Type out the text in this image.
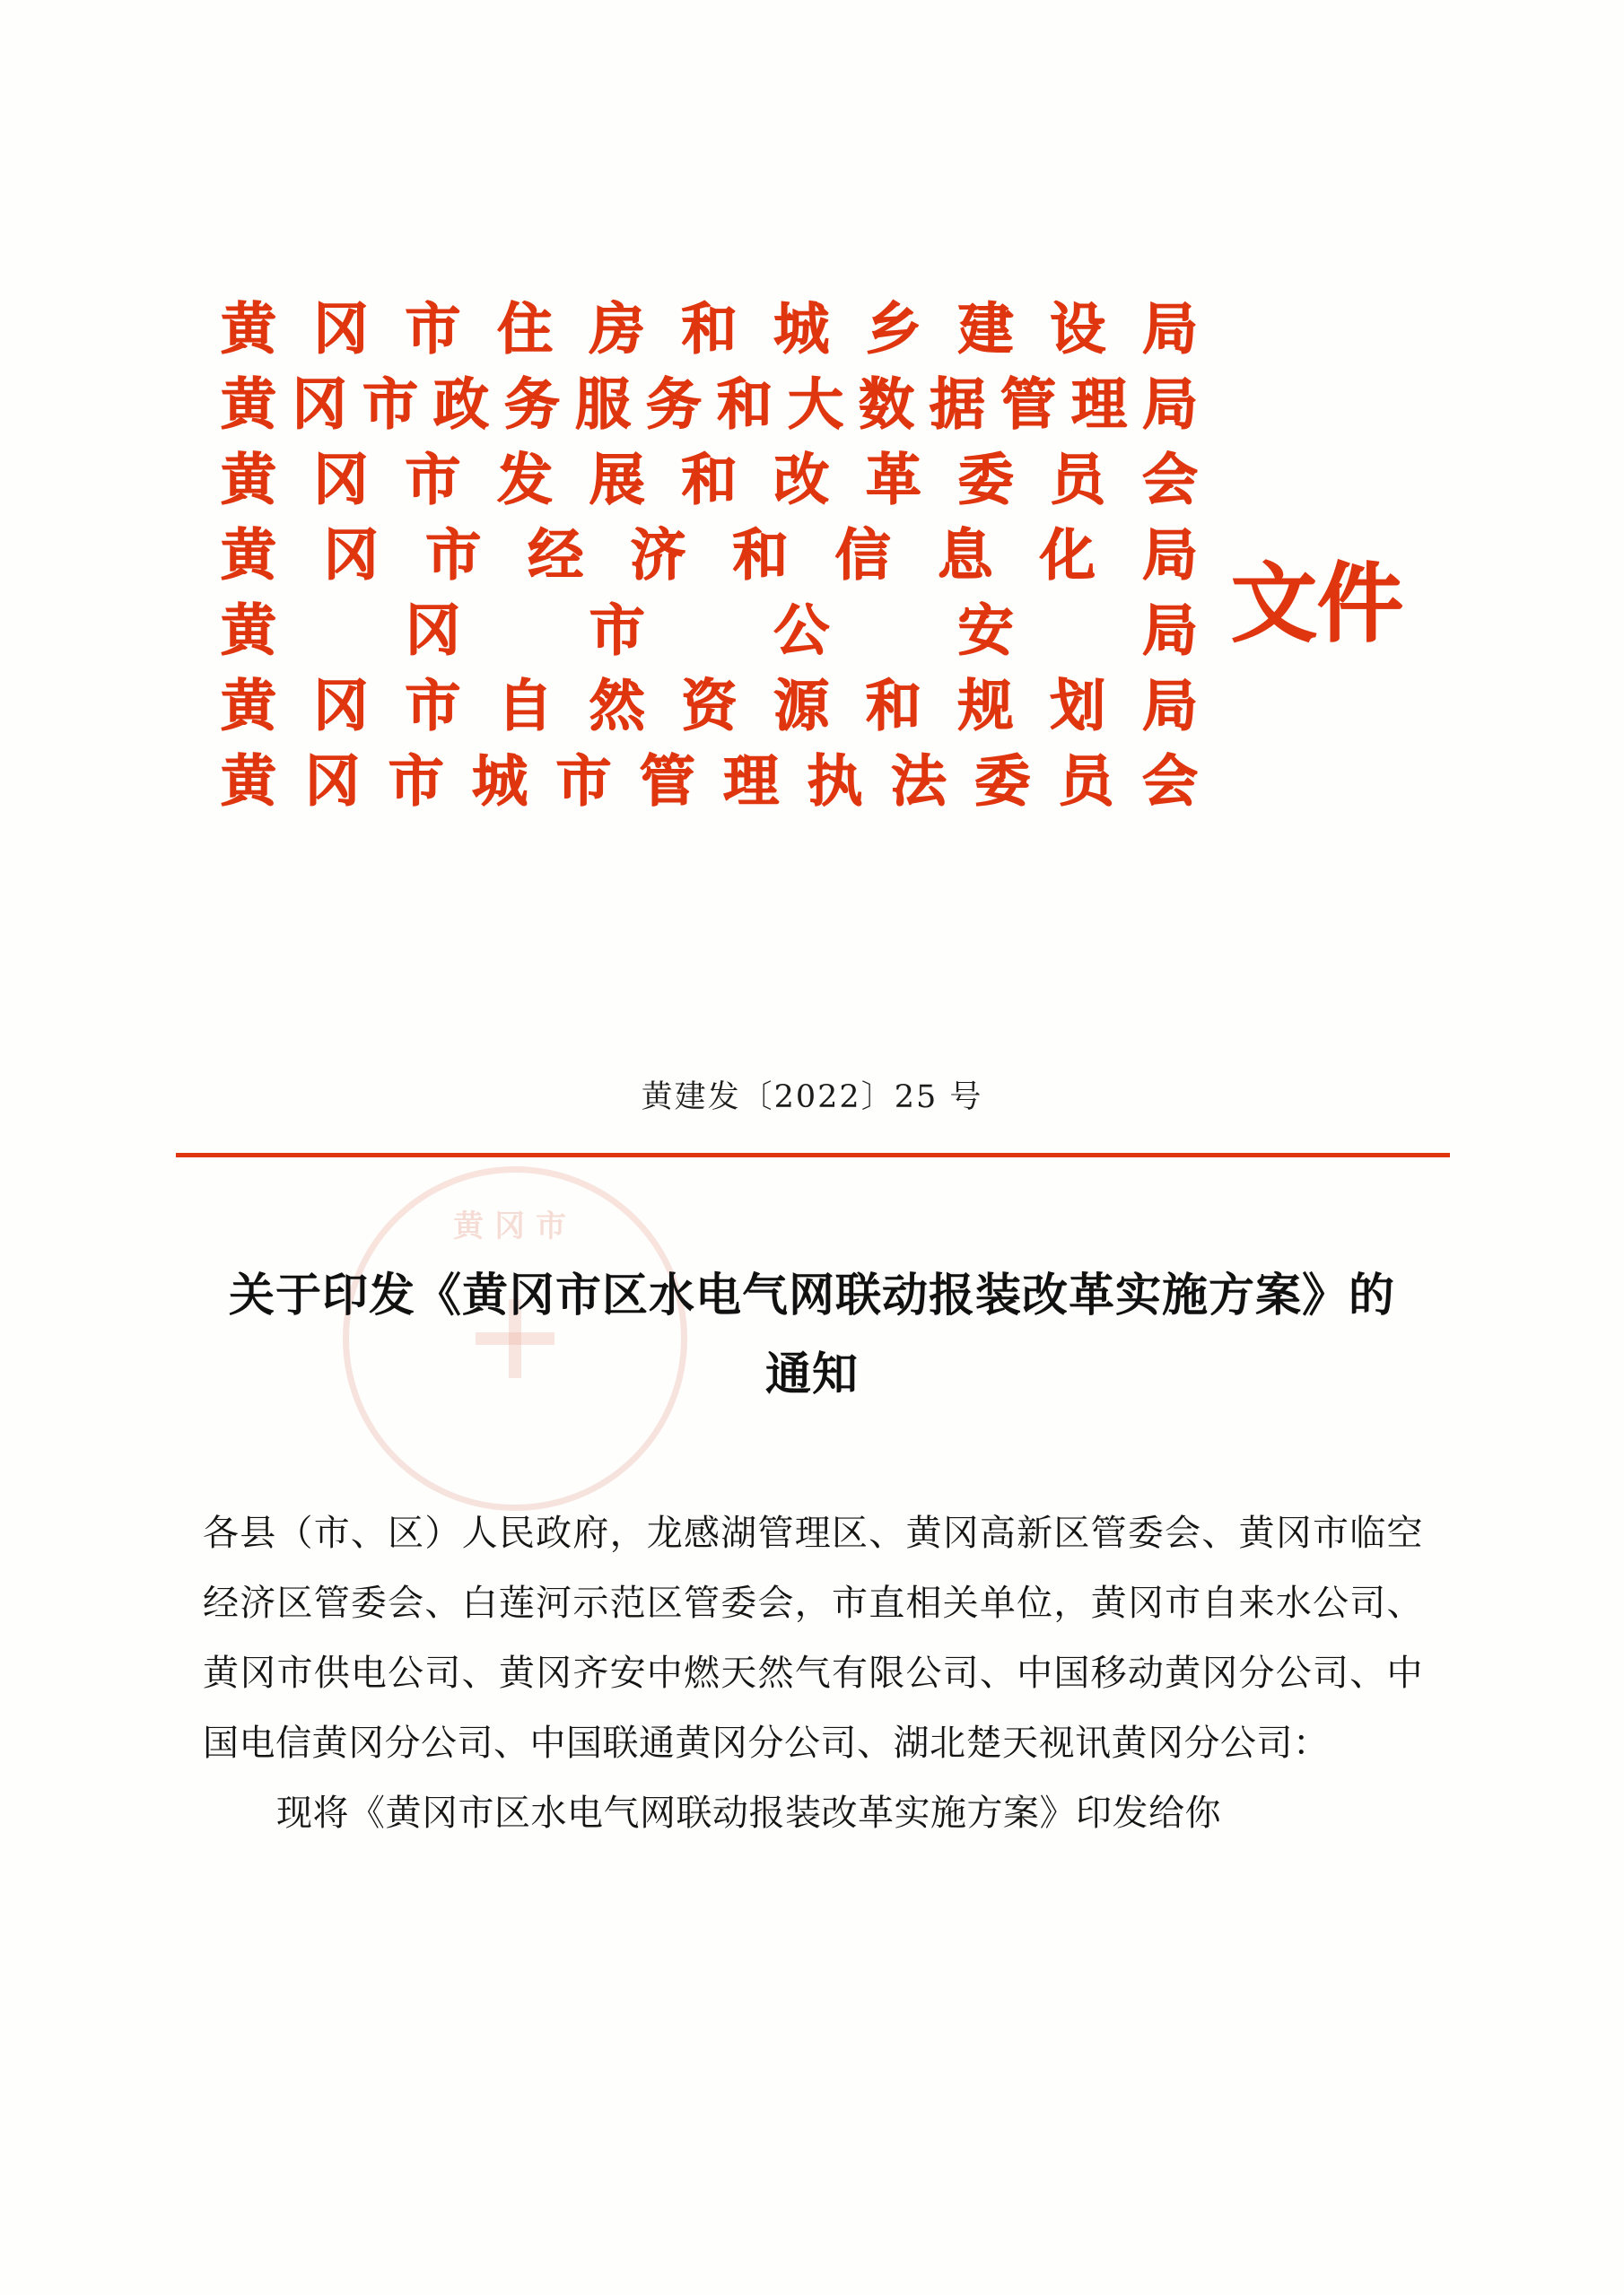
黄冈市住房和城乡建设局
黄冈市政务服务和大数据管理局
黄冈市发展和改革委员会
黄冈市经济和信息化局
黄冈市公安局
黄冈市自然资源和规划局
黄冈市城市管理执法委员会
文件
黄建发〔2022〕25 号
黄冈市
关于印发《黄冈市区水电气网联动报装改革实施方案》的通知

各县（市、区）人民政府，龙感湖管理区、黄冈高新区管委会、黄冈市临空经济区管委会、白莲河示范区管委会，市直相关单位，黄冈市自来水公司、黄冈市供电公司、黄冈齐安中燃天然气有限公司、中国移动黄冈分公司、中国电信黄冈分公司、中国联通黄冈分公司、湖北楚天视讯黄冈分公司：

现将《黄冈市区水电气网联动报装改革实施方案》印发给你
